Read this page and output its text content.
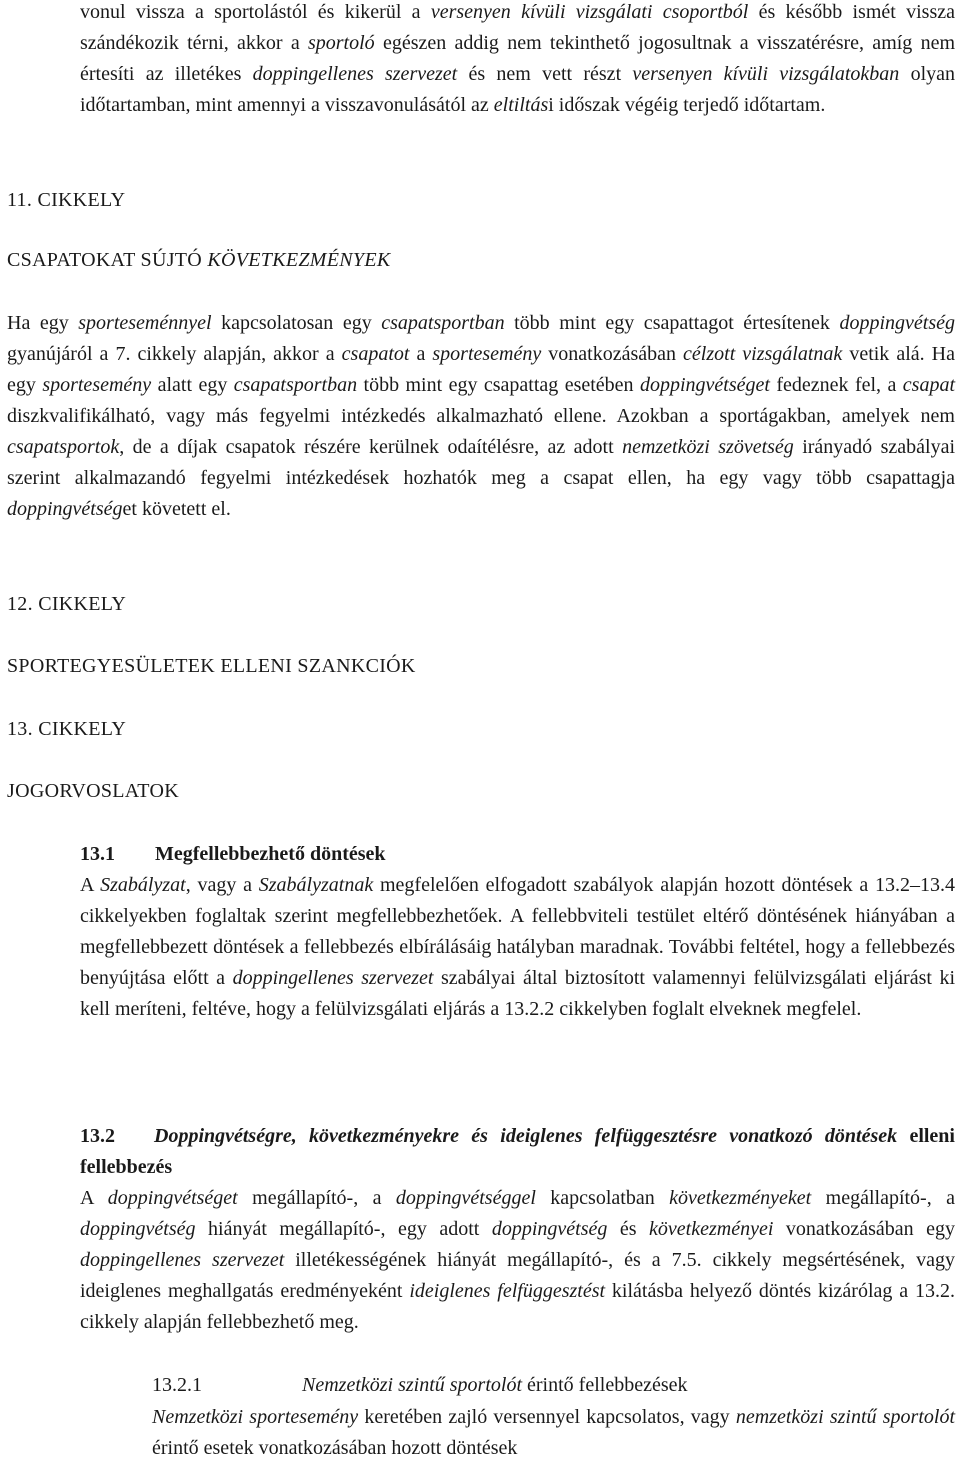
vonul vissza a sportolástól és kikerül a versenyen kívüli vizsgálati csoportból és később ismét vissza szándékozik térni, akkor a sportoló egészen addig nem tekinthető jogosultnak a visszatérésre, amíg nem értesíti az illetékes doppingellenes szervezet és nem vett részt versenyen kívüli vizsgálatokban olyan időtartamban, mint amennyi a visszavonulásától az eltiltási időszak végéig terjedő időtartam.

11. CIKKELY
CSAPATOKAT SÚJTÓ KÖVETKEZMÉNYEK

Ha egy sporteseménnyel kapcsolatosan egy csapatsportban több mint egy csapattagot értesítenek doppingvétség gyanújáról a 7. cikkely alapján, akkor a csapatot a sportesemény vonatkozásában célzott vizsgálatnak vetik alá. Ha egy sportesemény alatt egy csapatsportban több mint egy csapattag esetében doppingvétséget fedeznek fel, a csapat diszkvalifikálható, vagy más fegyelmi intézkedés alkalmazható ellene. Azokban a sportágakban, amelyek nem csapatsportok, de a díjak csapatok részére kerülnek odaítélésre, az adott nemzetközi szövetség irányadó szabályai szerint alkalmazandó fegyelmi intézkedések hozhatók meg a csapat ellen, ha egy vagy több csapattagja doppingvétséget követett el.

12. CIKKELY
SPORTEGYESÜLETEK ELLENI SZANKCIÓK
13. CIKKELY
JOGORVOSLATOK
13.1 Megfellebbezhető döntések

A Szabályzat, vagy a Szabályzatnak megfelelően elfogadott szabályok alapján hozott döntések a 13.2–13.4 cikkelyekben foglaltak szerint megfellebbezhetőek. A fellebbviteli testület eltérő döntésének hiányában a megfellebbezett döntések a fellebbezés elbírálásáig hatályban maradnak. További feltétel, hogy a fellebbezés benyújtása előtt a doppingellenes szervezet szabályai által biztosított valamennyi felülvizsgálati eljárást ki kell meríteni, feltéve, hogy a felülvizsgálati eljárás a 13.2.2 cikkelyben foglalt elveknek megfelel.

13.2	Doppingvétségre, következményekre és ideiglenes felfüggesztésre vonatkozó döntések elleni fellebbezés

A doppingvétséget megállapító-, a doppingvétséggel kapcsolatban következményeket megállapító-, a doppingvétség hiányát megállapító-, egy adott doppingvétség és következményei vonatkozásában egy doppingellenes szervezet illetékességének hiányát megállapító-, és a 7.5. cikkely megsértésének, vagy ideiglenes meghallgatás eredményeként ideiglenes felfüggesztést kilátásba helyező döntés kizárólag a 13.2. cikkely alapján fellebbezhető meg.

13.2.1	Nemzetközi szintű sportolót érintő fellebbezések

Nemzetközi sportesemény keretében zajló versennyel kapcsolatos, vagy nemzetközi szintű sportolót érintő esetek vonatkozásában hozott döntések
